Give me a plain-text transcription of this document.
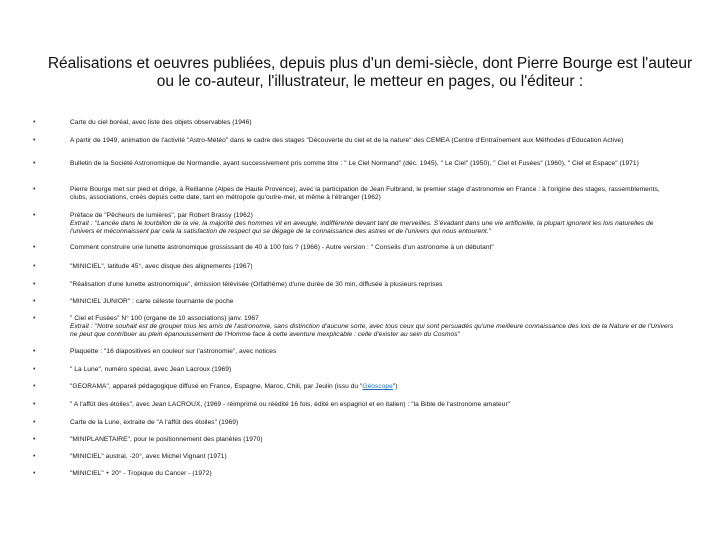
Réalisations et oeuvres publiées, depuis plus d'un demi-siècle, dont Pierre Bourge est l'auteur ou le co-auteur, l'illustrateur, le metteur en pages, ou l'éditeur :
•	Carte du ciel boréal, avec liste des objets observables (1946)
•	A partir de 1949, animation de l'activité "Astro-Météo" dans le cadre des stages "Découverte du ciel et de la nature" des CEMEA (Centre d'Entraînement aux Méthodes d'Education Active)
•	Bulletin de la Société Astronomique de Normandie, ayant successivement pris comme titre : " Le Ciel Normand" (déc. 1945), " Le Ciel" (1950), " Ciel et Fusées" (1960), " Ciel et Espace" (1971)
•	Pierre Bourge met sur pied et dirige, à Reillanne (Alpes de Haute Provence), avec la participation de Jean Fulbrand, le premier stage d'astronomie en France : à l'origine des stages, rassemblements, clubs, associations, créés depuis cette date, tant en métropole qu'outre-mer, et même à l'étranger (1962)
•	Préface de "Pêcheurs de lumières", par Robert Brassy (1962)
Extrait : "Lancée dans le tourbillon de la vie, la majorité des hommes vit en aveugle, indifférente devant tant de merveilles. S'évadant dans une vie artificielle, la plupart ignorent les lois naturelles de l'univers et méconnaissent par cela la satisfaction de respect qui se dégage de la connaissance des astres et de l'univers qui nous entourent."
•	Comment construire une lunette astronomique grossissant de 40 à 100 fois ? (1966) - Autre version : " Conseils d'un astronome à un débutant"
•	"MINICIEL", latitude 45°, avec disque des alignements (1967)
•	"Réalisation d'une lunette astronomique", émission télévisée (Orfathème) d'une durée de 30 min, diffusée à plusieurs reprises
•	"MINICIEL JUNIOR" : carte céleste tournante de poche
•	" Ciel et Fusées" N° 100 (organe de 10 associations) janv. 1967
Extrait : "Notre souhait est de grouper tous les amis de l'astronomie, sans distinction d'aucune sorte, avec tous ceux qui sont persuadés qu'une meilleure connaissance des lois de la Nature et de l'Univers ne peut que contribuer au plein épanouissement de l'Homme face à cette aventure inexplicable : celle d'exister au sein du Cosmos"
•	Plaquette : "16 diapositives en couleur sur l'astronomie", avec notices
•	" La Lune", numéro spécial, avec Jean Lacroux (1969)
•	"GEORAMA", appareil pédagogique diffusé en France, Espagne, Maroc, Chili, par Jeulin (issu du "Géoscope")
•	" A l'affût des étoiles", avec Jean LACROUX, (1969 - réimprimé ou réédité 16 fois, édité en espagnol et en italien) : "la Bible de l'astronome amateur"
•	Carte de la Lune, extraite de "A l'affût des étoiles" (1969)
•	"MINIPLANETAIRE", pour le positionnement des planètes (1970)
•	"MINICIEL" austral, -20°, avec Michel Vignant (1971)
•	"MINICIEL" + 20° - Tropique du Cancer - (1972)
